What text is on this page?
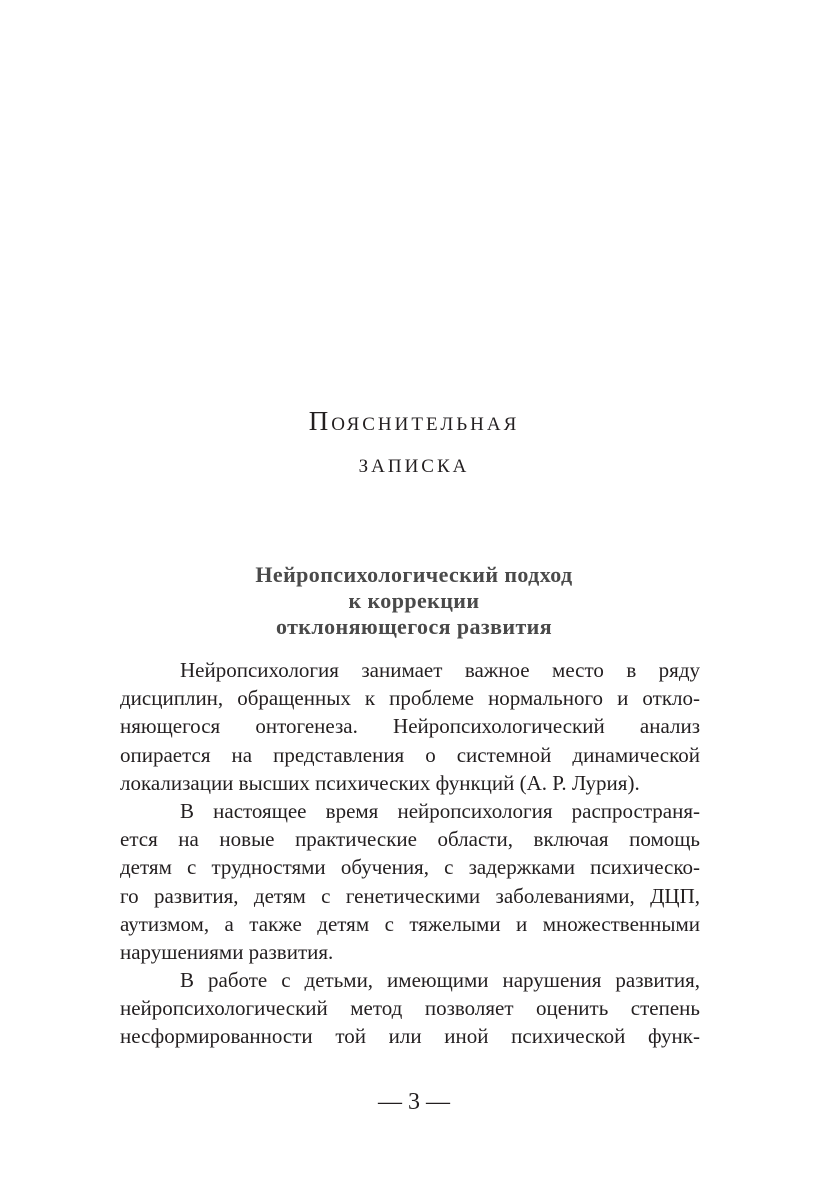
Пояснительная
записка
Нейропсихологический подход
к коррекции
отклоняющегося развития
Нейропсихология занимает важное место в ряду
дисциплин, обращенных к проблеме нормального и откло-
няющегося онтогенеза. Нейропсихологический анализ
опирается на представления о системной динамической
локализации высших психических функций (А. Р. Лурия).
В настоящее время нейропсихология распространя-
ется на новые практические области, включая помощь
детям с трудностями обучения, с задержками психическо-
го развития, детям с генетическими заболеваниями, ДЦП,
аутизмом, а также детям с тяжелыми и множественными
нарушениями развития.
В работе с детьми, имеющими нарушения развития,
нейропсихологический метод позволяет оценить степень
несформированности той или иной психической функ-
— 3 —
